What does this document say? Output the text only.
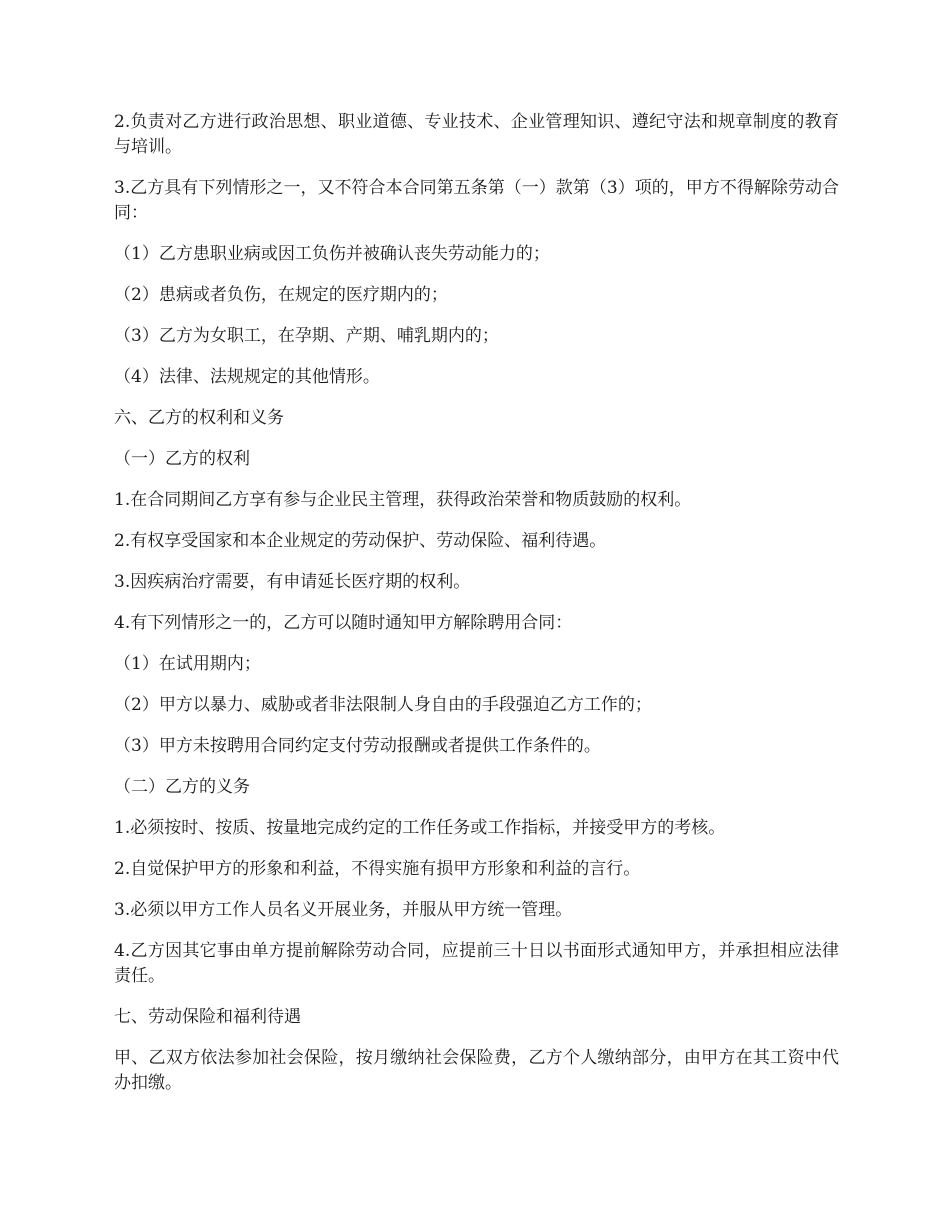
2.负责对乙方进行政治思想、职业道德、专业技术、企业管理知识、遵纪守法和规章制度的教育与培训。

3.乙方具有下列情形之一，又不符合本合同第五条第（一）款第（3）项的，甲方不得解除劳动合同：

（1）乙方患职业病或因工负伤并被确认丧失劳动能力的；

（2）患病或者负伤，在规定的医疗期内的；

（3）乙方为女职工，在孕期、产期、哺乳期内的；

（4）法律、法规规定的其他情形。

六、乙方的权利和义务

（一）乙方的权利

1.在合同期间乙方享有参与企业民主管理，获得政治荣誉和物质鼓励的权利。

2.有权享受国家和本企业规定的劳动保护、劳动保险、福利待遇。

3.因疾病治疗需要，有申请延长医疗期的权利。

4.有下列情形之一的，乙方可以随时通知甲方解除聘用合同：

（1）在试用期内；

（2）甲方以暴力、威胁或者非法限制人身自由的手段强迫乙方工作的；

（3）甲方未按聘用合同约定支付劳动报酬或者提供工作条件的。

（二）乙方的义务

1.必须按时、按质、按量地完成约定的工作任务或工作指标，并接受甲方的考核。

2.自觉保护甲方的形象和利益，不得实施有损甲方形象和利益的言行。

3.必须以甲方工作人员名义开展业务，并服从甲方统一管理。

4.乙方因其它事由单方提前解除劳动合同，应提前三十日以书面形式通知甲方，并承担相应法律责任。

七、劳动保险和福利待遇

甲、乙双方依法参加社会保险，按月缴纳社会保险费，乙方个人缴纳部分，由甲方在其工资中代办扣缴。
